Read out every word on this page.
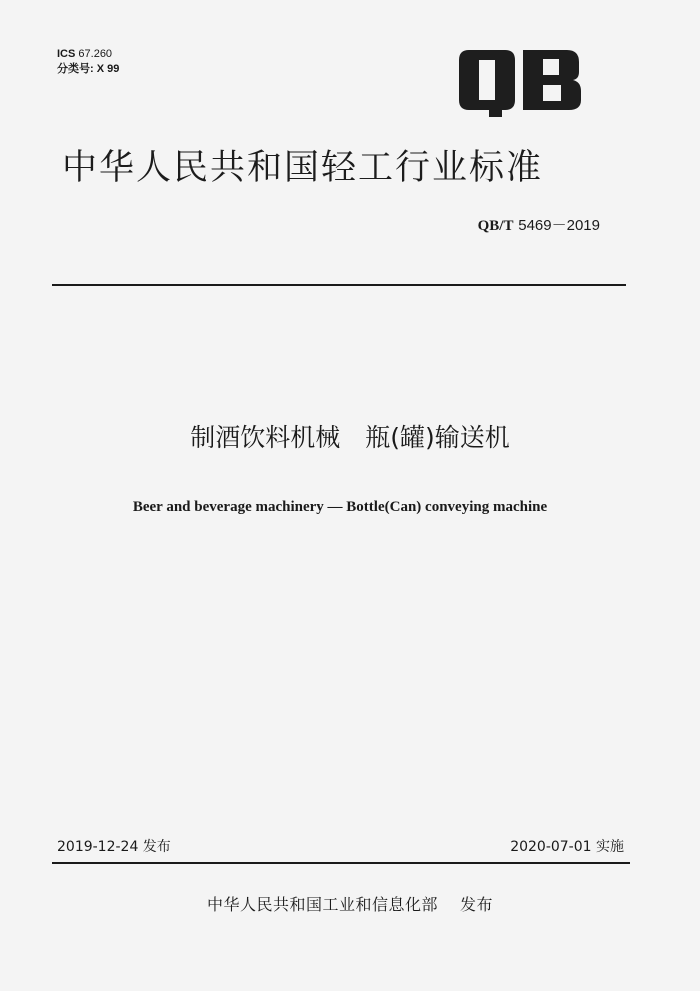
ICS 67.260
分类号: X 99
中华人民共和国轻工行业标准
QB/T 5469－2019
制酒饮料机械　瓶(罐)输送机
Beer and beverage machinery — Bottle(Can) conveying machine
2019-12-24 发布	2020-07-01 实施
中华人民共和国工业和信息化部 发布
